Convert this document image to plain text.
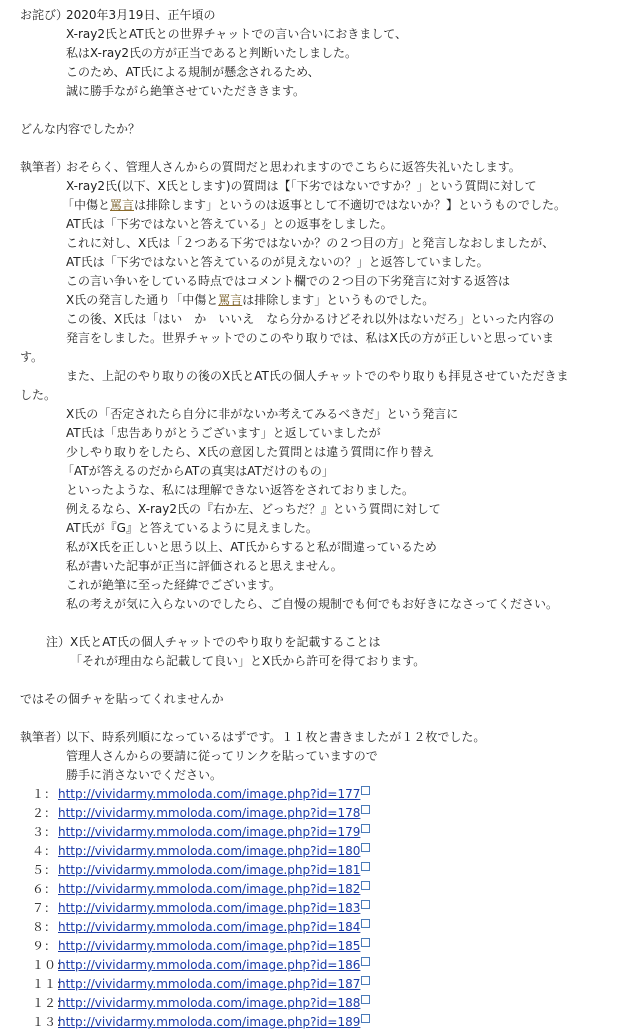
お詫び）
2020年3月19日、正午頃の
X-ray2氏とAT氏との世界チャットでの言い合いにおきまして、
私はX-ray2氏の方が正当であると判断いたしました。
このため、AT氏による規制が懸念されるため、
誠に勝手ながら絶筆させていただききます。
どんな内容でしたか？
執筆者）
おそらく、管理人さんからの質問だと思われますのでこちらに返答失礼いたします。
X-ray2氏(以下、X氏とします)の質問は【「下劣ではないですか？」という質問に対して
「中傷と罵言は排除します」というのは返事として不適切ではないか？】というものでした。
AT氏は「下劣ではないと答えている」との返事をしました。
これに対し、X氏は「２つある下劣ではないか？の２つ目の方」と発言しなおしましたが、
AT氏は「下劣ではないと答えているのが見えないの？」と返答していました。
この言い争いをしている時点ではコメント欄での２つ目の下劣発言に対する返答は
X氏の発言した通り「中傷と罵言は排除します」というものでした。
この後、X氏は「はい　か　いいえ　なら分かるけどそれ以外はないだろ」といった内容の
発言をしました。世界チャットでのこのやり取りでは、私はX氏の方が正しいと思っていま
す。
また、上記のやり取りの後のX氏とAT氏の個人チャットでのやり取りも拝見させていただきま
した。
X氏の「否定されたら自分に非がないか考えてみるべきだ」という発言に
AT氏は「忠告ありがとうございます」と返していましたが
少しやり取りをしたら、X氏の意図した質問とは違う質問に作り替え
「ATが答えるのだからATの真実はATだけのもの」
といったような、私には理解できない返答をされておりました。
例えるなら、X-ray2氏の『右か左、どっちだ？』という質問に対して
AT氏が『G』と答えているように見えました。
私がX氏を正しいと思う以上、AT氏からすると私が間違っているため
私が書いた記事が正当に評価されると思えません。
これが絶筆に至った経緯でございます。
私の考えが気に入らないのでしたら、ご自慢の規制でも何でもお好きになさってください。
注） X氏とAT氏の個人チャットでのやり取りを記載することは
「それが理由なら記載して良い」とX氏から許可を得ております。
ではその個チャを貼ってくれませんか
執筆者）
以下、時系列順になっているはずです。１１枚と書きましたが１２枚でした。
管理人さんからの要請に従ってリンクを貼っていますので
勝手に消さないでください。
１： http://vividarmy.mmoloda.com/image.php?id=177
２： http://vividarmy.mmoloda.com/image.php?id=178
３： http://vividarmy.mmoloda.com/image.php?id=179
４： http://vividarmy.mmoloda.com/image.php?id=180
５： http://vividarmy.mmoloda.com/image.php?id=181
６： http://vividarmy.mmoloda.com/image.php?id=182
７： http://vividarmy.mmoloda.com/image.php?id=183
８： http://vividarmy.mmoloda.com/image.php?id=184
９： http://vividarmy.mmoloda.com/image.php?id=185
１０：
http://vividarmy.mmoloda.com/image.php?id=186
１１：
http://vividarmy.mmoloda.com/image.php?id=187
１２：
http://vividarmy.mmoloda.com/image.php?id=188
１３：
http://vividarmy.mmoloda.com/image.php?id=189
